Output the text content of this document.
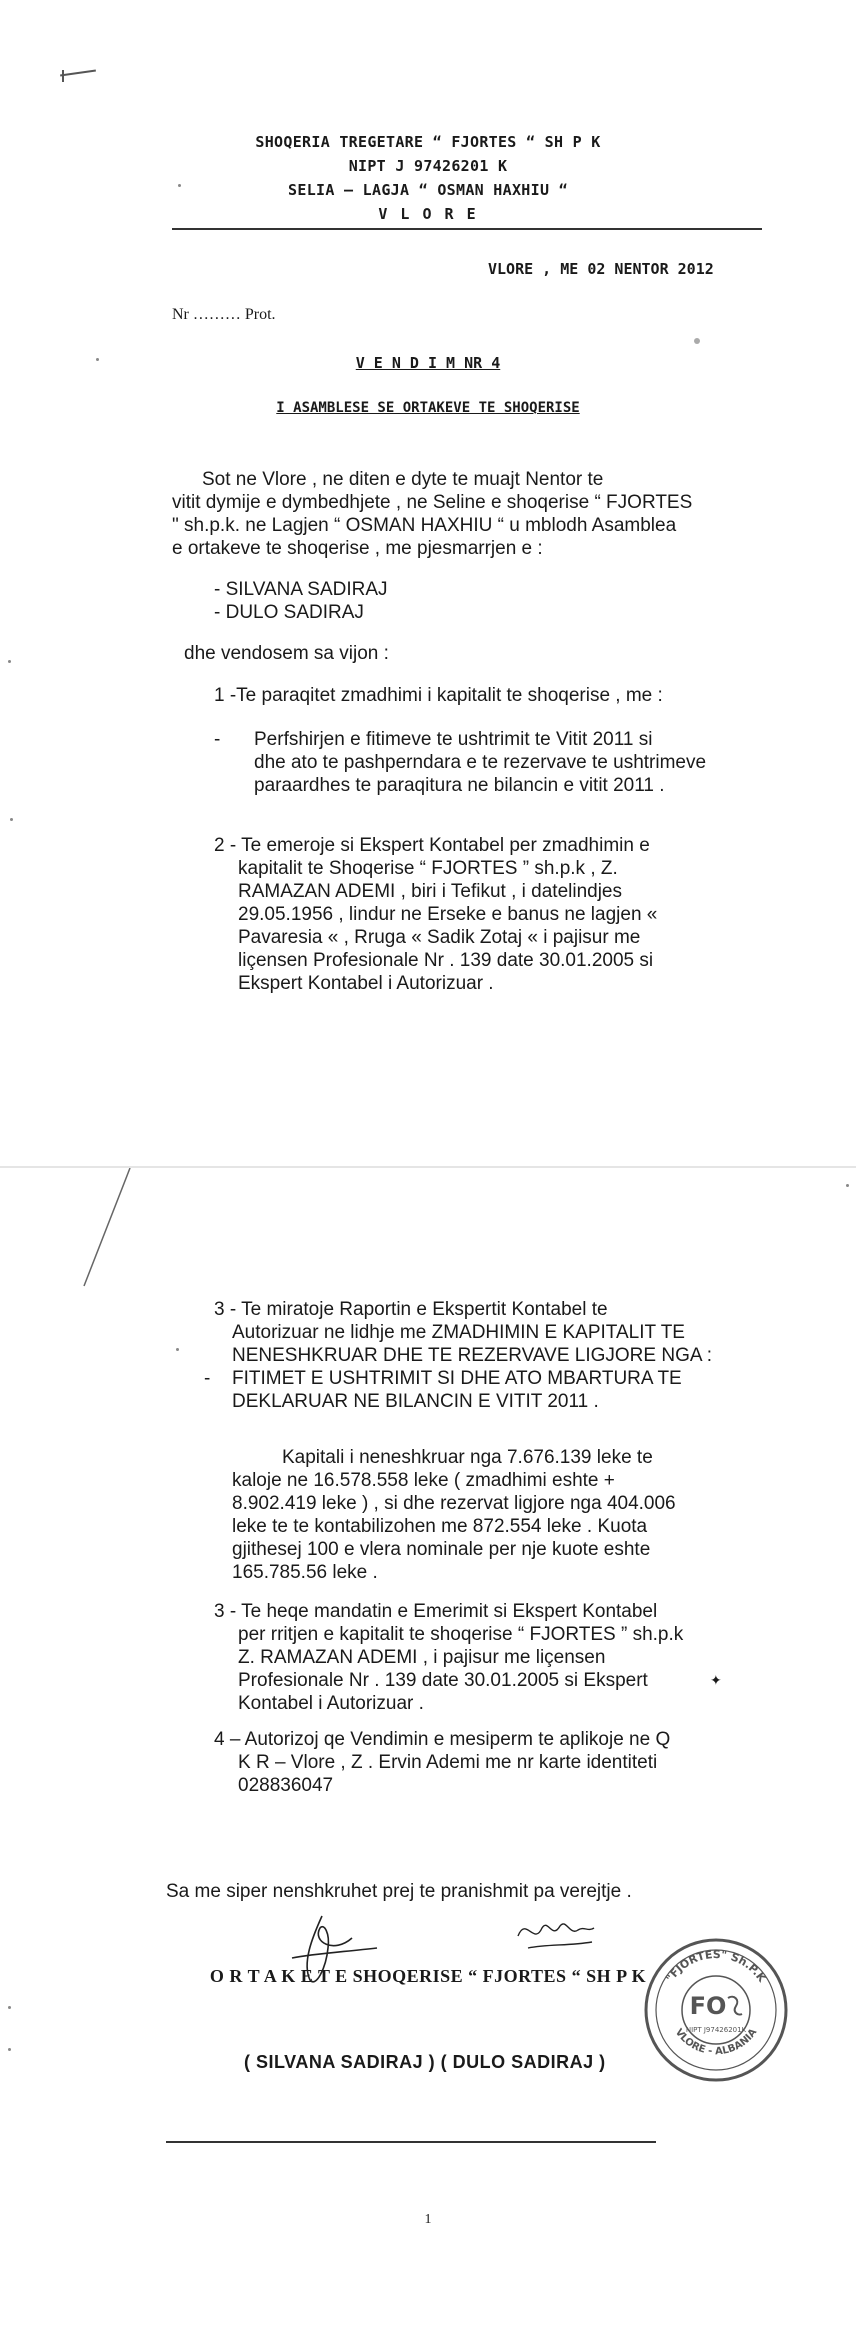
SHOQERIA TREGETARE “ FJORTES “ SH P K
NIPT J 97426201 K
SELIA – LAGJA “ OSMAN HAXHIU “
V L O R E
VLORE , ME 02 NENTOR 2012
Nr ……… Prot.
V E N D I M NR 4
I ASAMBLESE SE ORTAKEVE TE SHOQERISE
Sot ne Vlore , ne diten e dyte te muajt Nentor te
vitit dymije e dymbedhjete , ne Seline e shoqerise “ FJORTES
" sh.p.k. ne Lagjen “ OSMAN HAXHIU “ u mblodh Asamblea
e ortakeve te shoqerise , me pjesmarrjen e :
- SILVANA SADIRAJ
- DULO SADIRAJ
dhe vendosem sa vijon :
1 -Te paraqitet zmadhimi i kapitalit te shoqerise , me :
-	Perfshirjen e fitimeve te ushtrimit te Vitit 2011 si
dhe ato te pashperndara e te rezervave te ushtrimeve
paraardhes te paraqitura ne bilancin e vitit 2011 .
2 - Te emeroje si Ekspert Kontabel per zmadhimin e
kapitalit te Shoqerise “ FJORTES ” sh.p.k , Z.
RAMAZAN ADEMI , biri i Tefikut , i datelindjes
29.05.1956 , lindur ne Erseke e banus ne lagjen «
Pavaresia « , Rruga « Sadik Zotaj « i pajisur me
liçensen Profesionale Nr . 139 date 30.01.2005 si
Ekspert Kontabel i Autorizuar .
3 - Te miratoje Raportin e Ekspertit Kontabel te
Autorizuar ne lidhje me ZMADHIMIN E KAPITALIT TE
NENESHKRUAR DHE TE REZERVAVE LIGJORE NGA :
- FITIMET E USHTRIMIT SI DHE ATO MBARTURA TE
DEKLARUAR NE BILANCIN E VITIT 2011 .
Kapitali i neneshkruar nga 7.676.139 leke te
kaloje ne 16.578.558 leke ( zmadhimi eshte +
8.902.419 leke ) , si dhe rezervat ligjore nga 404.006
leke te te kontabilizohen me 872.554 leke . Kuota
gjithesej 100 e vlera nominale per nje kuote eshte
165.785.56 leke .
3 - Te heqe mandatin e Emerimit si Ekspert Kontabel
per rritjen e kapitalit te shoqerise “ FJORTES ” sh.p.k
Z. RAMAZAN ADEMI , i pajisur me liçensen
Profesionale Nr . 139 date 30.01.2005 si Ekspert
Kontabel i Autorizuar .
✦
4 – Autorizoj qe Vendimin e mesiperm te aplikoje ne Q
K R – Vlore , Z . Ervin Ademi me nr karte identiteti
028836047
Sa me siper nenshkruhet prej te pranishmit pa verejtje .
O R T A K E T E SHOQERISE “ FJORTES “ SH P K
( SILVANA SADIRAJ ) ( DULO SADIRAJ )
"FJORTES" Sh.P.K
VLORE - ALBANIA
FO
NIPT J97426201K
1
